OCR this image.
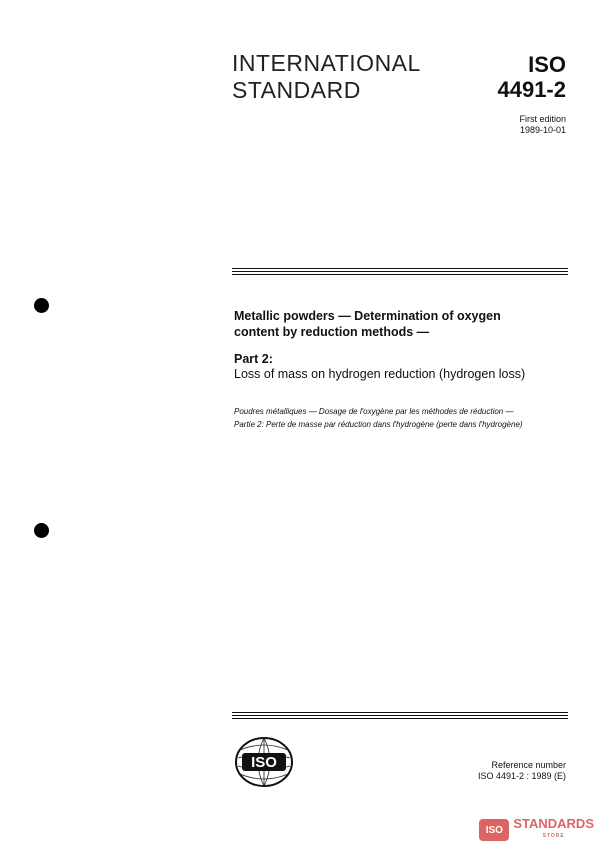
INTERNATIONAL
STANDARD
ISO
4491-2
First edition
1989-10-01
Metallic powders — Determination of oxygen
content by reduction methods —
Part 2:
Loss of mass on hydrogen reduction (hydrogen loss)
Poudres métalliques — Dosage de l'oxygène par les méthodes de réduction —
Partie 2: Perte de masse par réduction dans l'hydrogène (perte dans l'hydrogène)
ISO	Reference number
ISO 4491-2 : 1989 (E)
ISO STANDARDS
STORE
